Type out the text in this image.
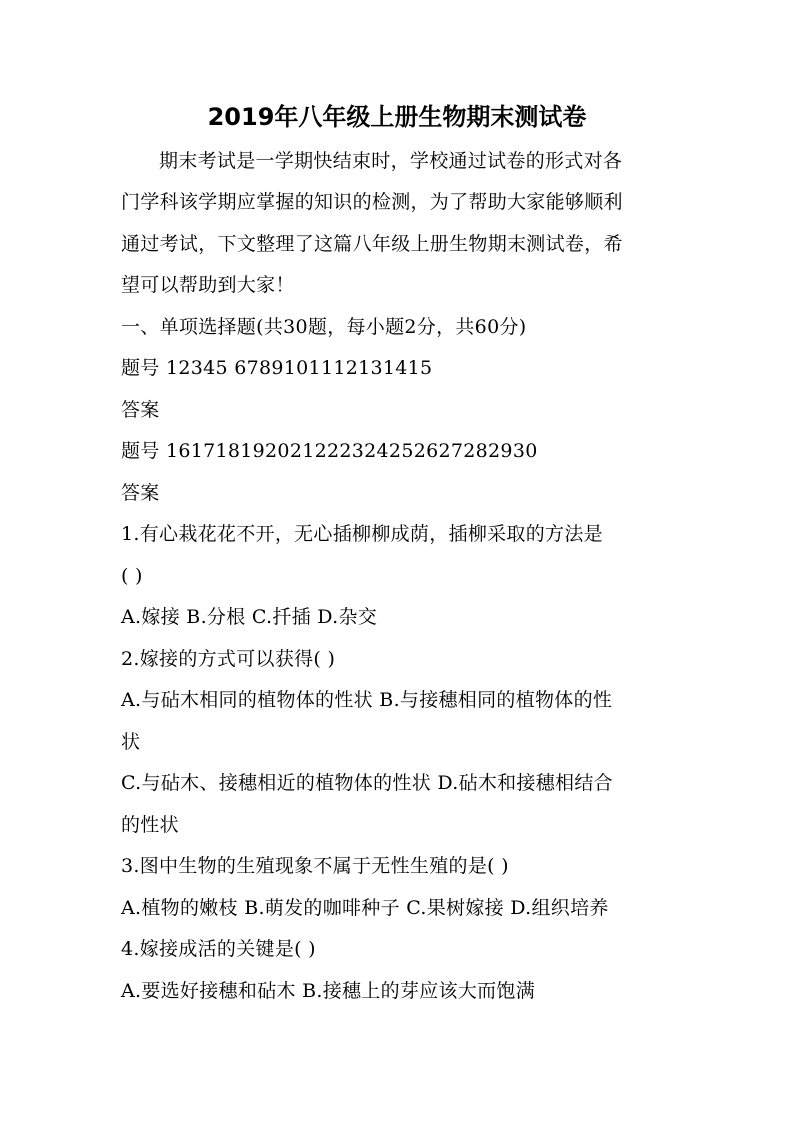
2019年八年级上册生物期末测试卷
期末考试是一学期快结束时，学校通过试卷的形式对各
门学科该学期应掌握的知识的检测，为了帮助大家能够顺利
通过考试，下文整理了这篇八年级上册生物期末测试卷，希
望可以帮助到大家！
一、单项选择题(共30题，每小题2分，共60分)
题号 12345 6789101112131415
答案
题号 161718192021222324252627282930
答案
1.有心栽花花不开，无心插柳柳成荫，插柳采取的方法是
( )
A.嫁接 B.分根 C.扦插 D.杂交
2.嫁接的方式可以获得( )
A.与砧木相同的植物体的性状 B.与接穗相同的植物体的性
状
C.与砧木、接穗相近的植物体的性状 D.砧木和接穗相结合
的性状
3.图中生物的生殖现象不属于无性生殖的是( )
A.植物的嫩枝 B.萌发的咖啡种子 C.果树嫁接 D.组织培养
4.嫁接成活的关键是( )
A.要选好接穗和砧木 B.接穗上的芽应该大而饱满
